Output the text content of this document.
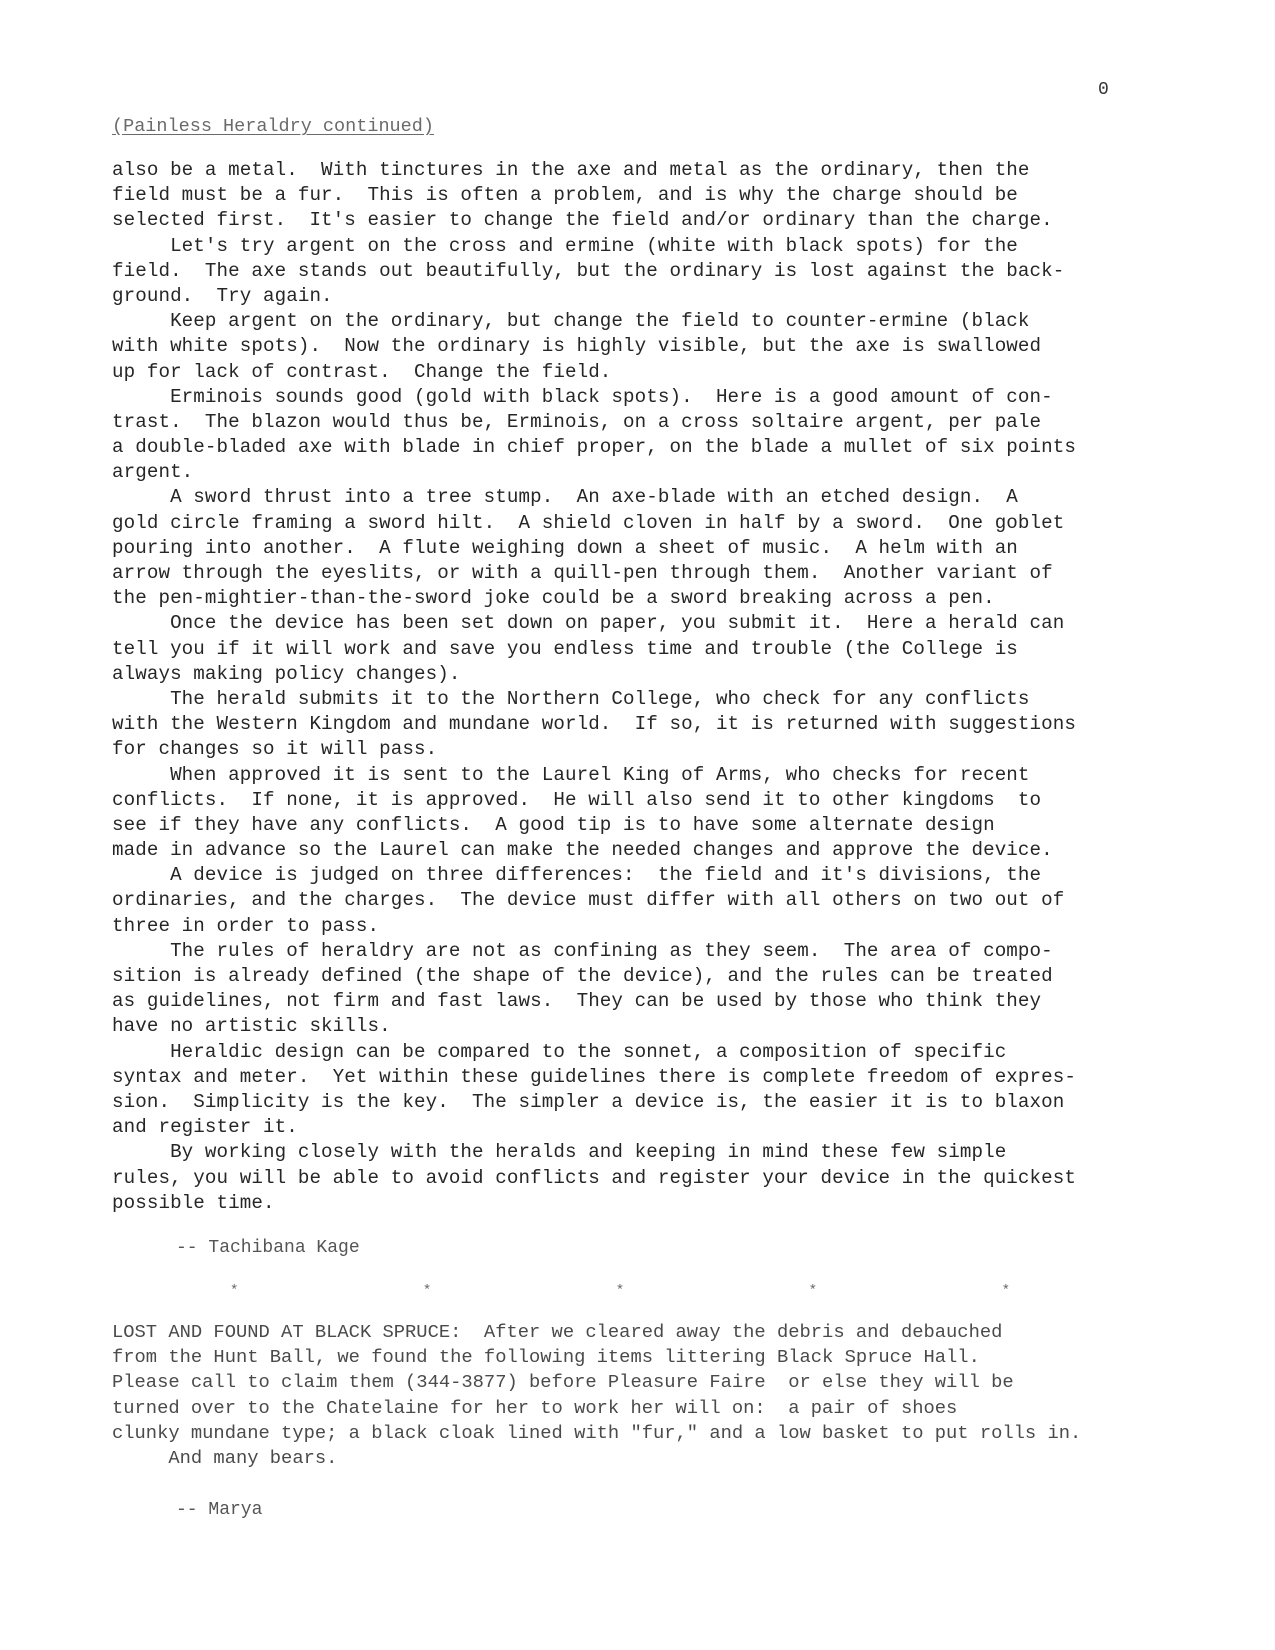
0
(Painless Heraldry continued)
also be a metal.  With tinctures in the axe and metal as the ordinary, then the
field must be a fur.  This is often a problem, and is why the charge should be
selected first.  It's easier to change the field and/or ordinary than the charge.
Let's try argent on the cross and ermine (white with black spots) for the
field.  The axe stands out beautifully, but the ordinary is lost against the back-
ground.  Try again.
Keep argent on the ordinary, but change the field to counter-ermine (black
with white spots).  Now the ordinary is highly visible, but the axe is swallowed
up for lack of contrast.  Change the field.
Erminois sounds good (gold with black spots).  Here is a good amount of con-
trast.  The blazon would thus be, Erminois, on a cross soltaire argent, per pale
a double-bladed axe with blade in chief proper, on the blade a mullet of six points
argent.
A sword thrust into a tree stump.  An axe-blade with an etched design.  A
gold circle framing a sword hilt.  A shield cloven in half by a sword.  One goblet
pouring into another.  A flute weighing down a sheet of music.  A helm with an
arrow through the eyeslits, or with a quill-pen through them.  Another variant of
the pen-mightier-than-the-sword joke could be a sword breaking across a pen.
Once the device has been set down on paper, you submit it.  Here a herald can
tell you if it will work and save you endless time and trouble (the College is
always making policy changes).
The herald submits it to the Northern College, who check for any conflicts
with the Western Kingdom and mundane world.  If so, it is returned with suggestions
for changes so it will pass.
When approved it is sent to the Laurel King of Arms, who checks for recent
conflicts.  If none, it is approved.  He will also send it to other kingdoms  to
see if they have any conflicts.  A good tip is to have some alternate design
made in advance so the Laurel can make the needed changes and approve the device.
A device is judged on three differences:  the field and it's divisions, the
ordinaries, and the charges.  The device must differ with all others on two out of
three in order to pass.
The rules of heraldry are not as confining as they seem.  The area of compo-
sition is already defined (the shape of the device), and the rules can be treated
as guidelines, not firm and fast laws.  They can be used by those who think they
have no artistic skills.
Heraldic design can be compared to the sonnet, a composition of specific
syntax and meter.  Yet within these guidelines there is complete freedom of expres-
sion.  Simplicity is the key.  The simpler a device is, the easier it is to blaxon
and register it.
By working closely with the heralds and keeping in mind these few simple
rules, you will be able to avoid conflicts and register your device in the quickest
possible time.
-- Tachibana Kage
*	*	*	*	*
LOST AND FOUND AT BLACK SPRUCE:  After we cleared away the debris and debauched
from the Hunt Ball, we found the following items littering Black Spruce Hall.
Please call to claim them (344-3877) before Pleasure Faire  or else they will be
turned over to the Chatelaine for her to work her will on:  a pair of shoes
clunky mundane type; a black cloak lined with "fur," and a low basket to put rolls in.
And many bears.
-- Marya
